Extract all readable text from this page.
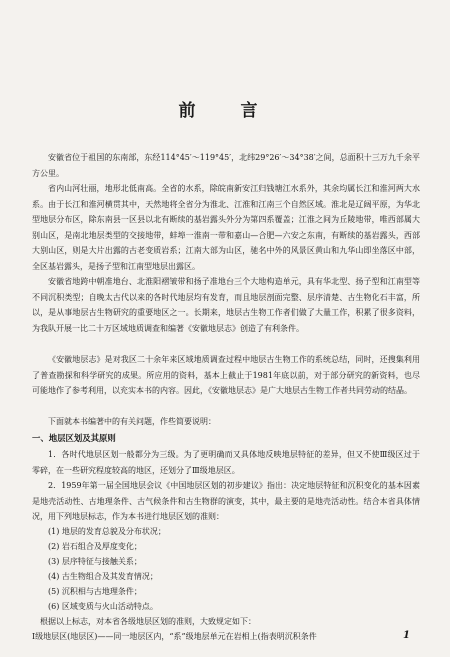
前　言

安徽省位于祖国的东南部，东经114°45′～119°45′，北纬29°26′～34°38′之间，总面积十三万九千余平方公里。

省内山河壮丽，地形北低南高。全省的水系，除皖南新安江归钱塘江水系外，其余均属长江和淮河两大水系。由于长江和淮河横贯其中，天然地将全省分为淮北、江淮和江南三个自然区域。淮北是辽阔平原，为华北型地层分布区，除东南县一区县以北有断续的基岩露头外分为第四系覆盖；江淮之间为丘陵地带，唯西部属大别山区，是南北地层类型的交接地带，蚌埠一淮南一带和嘉山—合肥—六安之东南，有断续的基岩露头，西部大别山区，则是大片出露的古老变质岩系；江南大部为山区，驰名中外的风景区黄山和九华山即坐落区中部，全区基岩露头，是扬子型和江南型地层出露区。

安徽省地跨中朝准地台、北淮阳褶皱带和扬子准地台三个大地构造单元，具有华北型、扬子型和江南型等不同沉积类型；自晚太古代以来的各时代地层均有发育，而且地层剖面完整、层序清楚、古生物化石丰富，所以，是从事地层古生物研究的重要地区之一。长期来，地层古生物工作者们做了大量工作，积累了很多资料，为我队开展一比二十万区域地质调查和编著《安徽地层志》创造了有利条件。

《安徽地层志》是对我区二十余年来区域地质调查过程中地层古生物工作的系统总结，同时，还搜集利用了普查勘探和科学研究的成果。所应用的资料，基本上截止于1981年底以前，对于部分研究的新资料，也尽可能地作了参考利用，以充实本书的内容。因此，《安徽地层志》是广大地层古生物工作者共同劳动的结晶。

下面就本书编著中的有关问题，作些简要说明：

一、地层区划及其原则

1．各时代地层区划一般都分为三级。为了更明确而又具体地反映地层特征的差异，但又不使Ⅲ级区过于零碎，在一些研究程度较高的地区，还划分了Ⅲ级地层区。

2．1959年第一届全国地层会议《中国地层区划的初步建议》指出：决定地层特征和沉积变化的基本因素是地壳活动性、古地理条件、古气候条件和古生物群的演变，其中，最主要的是地壳活动性。结合本省具体情况，用下列地层标志，作为本书进行地层区划的准则：

(1) 地层的发育总貌及分布状况；

(2) 岩石组合及厚度变化；

(3) 层序特征与接触关系；

(4) 古生物组合及其发育情况；

(5) 沉积相与古地理条件；

(6) 区域变质与火山活动特点。

根据以上标志，对本省各级地层区划的准则，大致规定如下：

Ⅰ级地层区(地层区)——同一地层区内，“系”级地层单元在岩相上(指表明沉积条件	1
